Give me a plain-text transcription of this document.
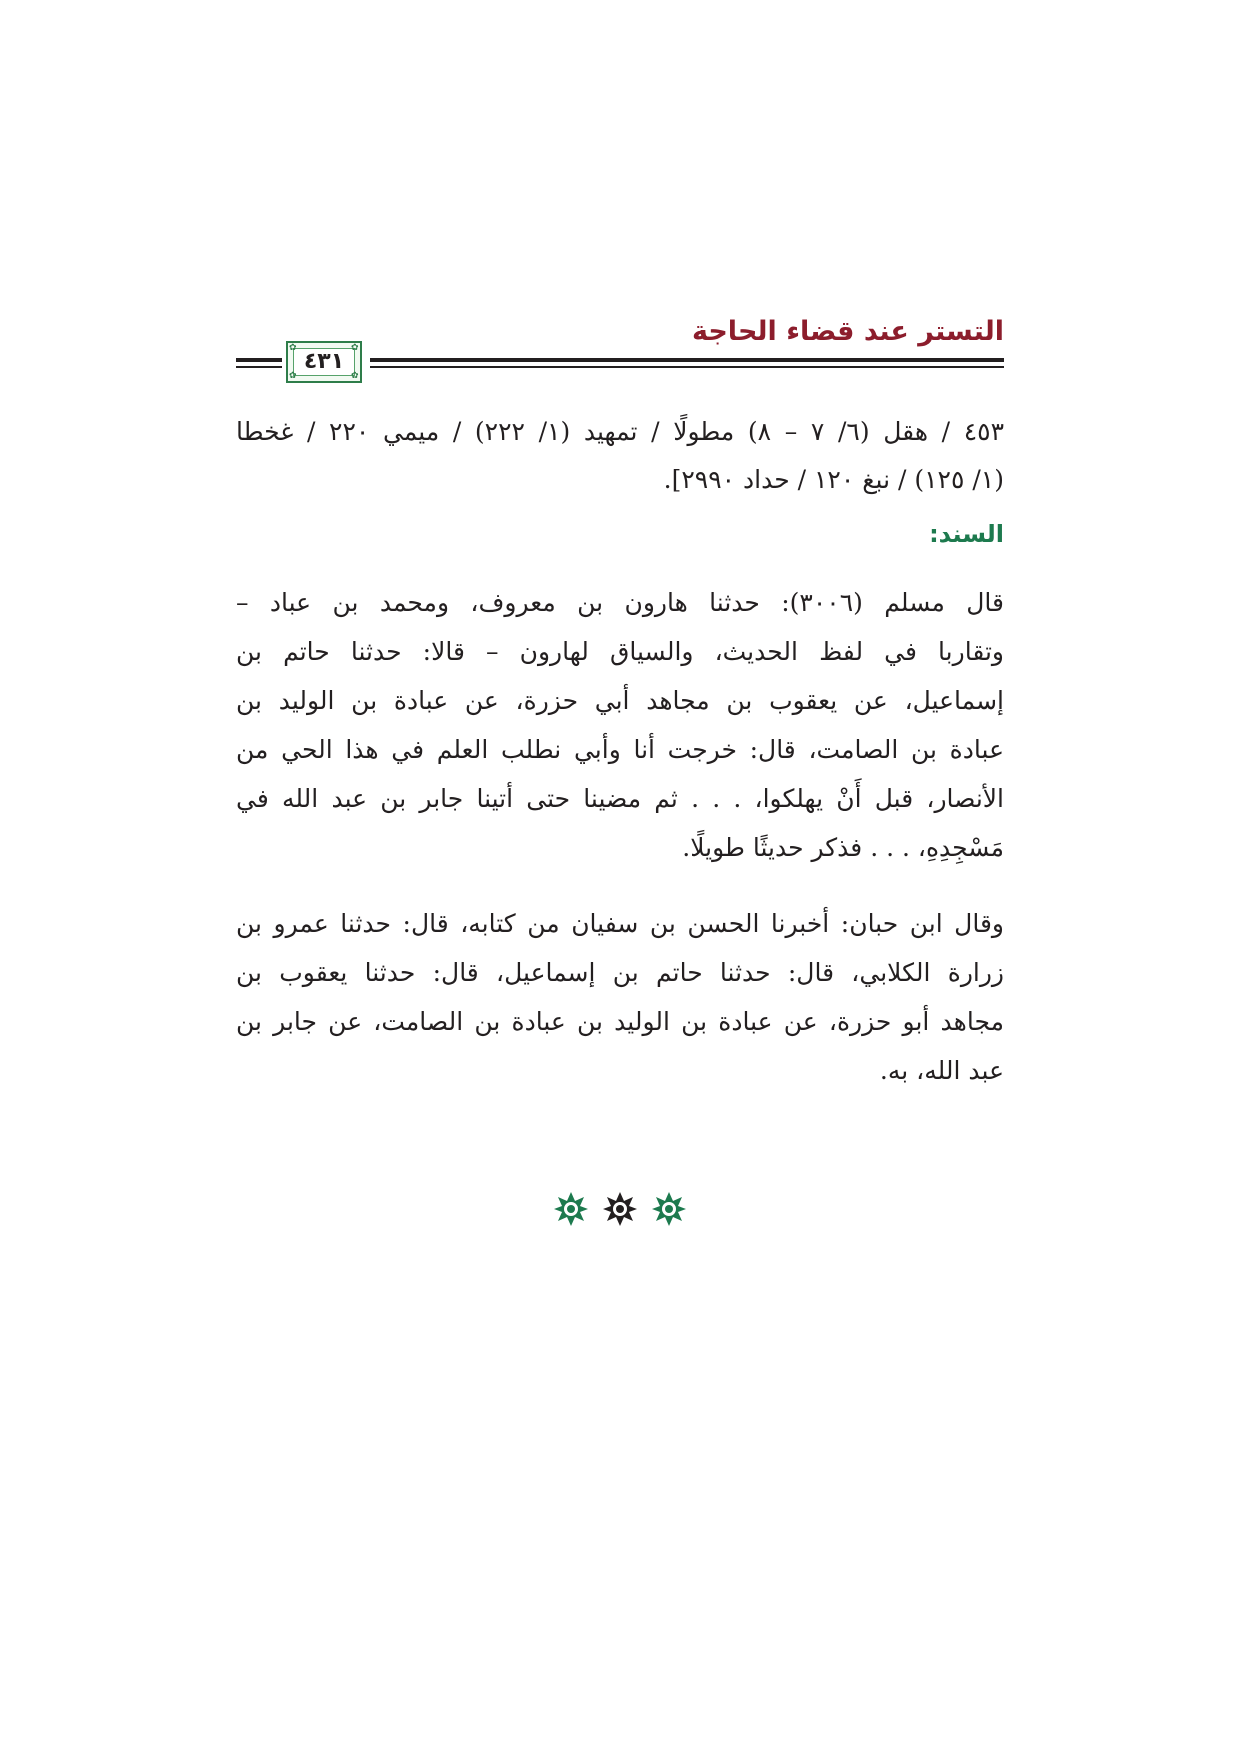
التستر عند قضاء الحاجة
✿	✿
✿	✿
٤٣١
٤٥٣ / هقل (٦/ ٧ – ٨) مطولًا / تمهيد (١/ ٢٢٢) / ميمي ٢٢٠ / غخطا
(١/ ١٢٥) / نبغ ١٢٠ / حداد ٢٩٩٠].
السند:
قال مسلم (٣٠٠٦): حدثنا هارون بن معروف، ومحمد بن عباد –
وتقاربا في لفظ الحديث، والسياق لهارون – قالا: حدثنا حاتم بن
إسماعيل، عن يعقوب بن مجاهد أبي حزرة، عن عبادة بن الوليد بن
عبادة بن الصامت، قال: خرجت أنا وأبي نطلب العلم في هذا الحي من
الأنصار، قبل أَنْ يهلكوا، . . . ثم مضينا حتى أتينا جابر بن عبد الله في
مَسْجِدِهِ، . . . فذكر حديثًا طويلًا.
وقال ابن حبان: أخبرنا الحسن بن سفيان من كتابه، قال: حدثنا عمرو بن
زرارة الكلابي، قال: حدثنا حاتم بن إسماعيل، قال: حدثنا يعقوب بن
مجاهد أبو حزرة، عن عبادة بن الوليد بن عبادة بن الصامت، عن جابر بن
عبد الله، به.
